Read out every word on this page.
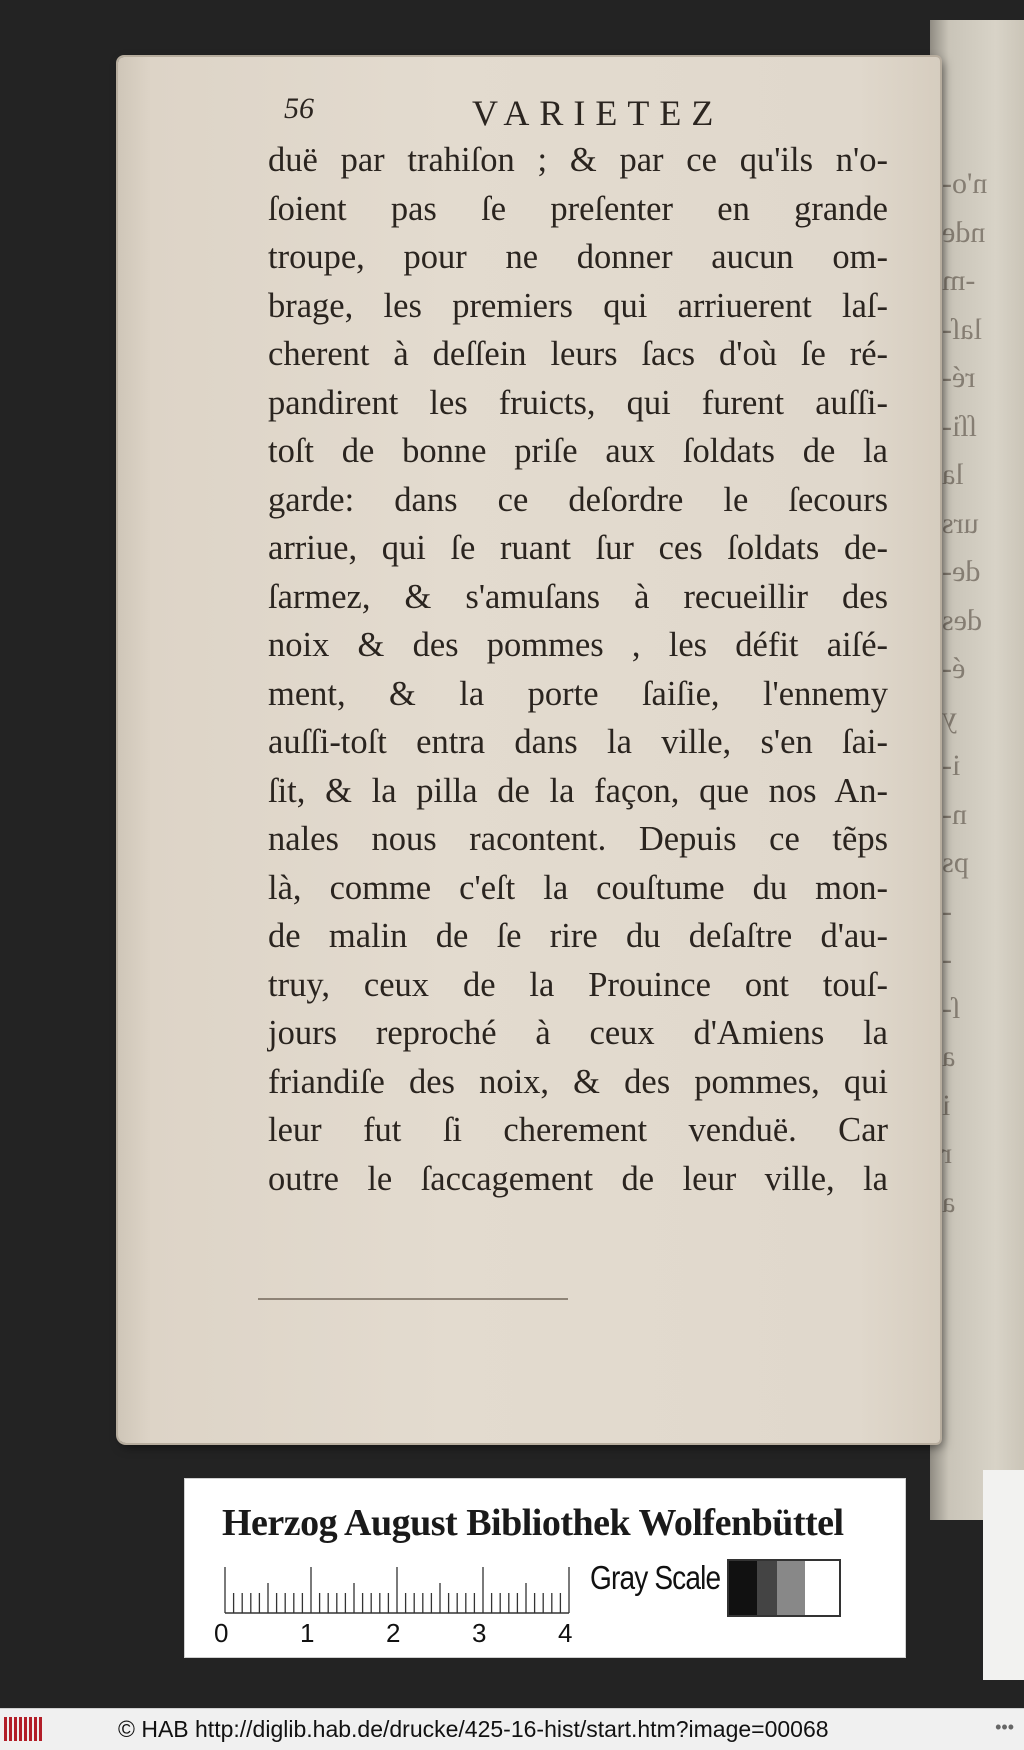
n'o-
nde
-m
laſ-
ré-
ſſi-
la
urs
de-
des
é-
y
i-
n-
ps
-
-
ſ-
a
i
r
a
56	VARIETEZ
duë par trahiſon ; & par ce qu'ils n'o-
ſoient pas ſe preſenter en grande
troupe, pour ne donner aucun om-
brage, les premiers qui arriuerent laſ-
cherent à deſſein leurs ſacs d'où ſe ré-
pandirent les fruicts, qui furent auſſi-
toſt de bonne priſe aux ſoldats de la
garde: dans ce deſordre le ſecours
arriue, qui ſe ruant ſur ces ſoldats de-
ſarmez, & s'amuſans à recueillir des
noix & des pommes , les défit aiſé-
ment, & la porte ſaiſie, l'ennemy
auſſi-toſt entra dans la ville, s'en ſai-
ſit, & la pilla de la façon, que nos An-
nales nous racontent. Depuis ce tẽps
là, comme c'eſt la couſtume du mon-
de malin de ſe rire du deſaſtre d'au-
truy, ceux de la Prouince ont touſ-
jours reproché à ceux d'Amiens la
friandiſe des noix, & des pommes, qui
leur fut ſi cherement venduë. Car
outre le ſaccagement de leur ville, la
Herzog August Bibliothek Wolfenbüttel
Gray Scale
0	1	2	3	4
© HAB http://diglib.hab.de/drucke/425-16-hist/start.htm?image=00068	•••
